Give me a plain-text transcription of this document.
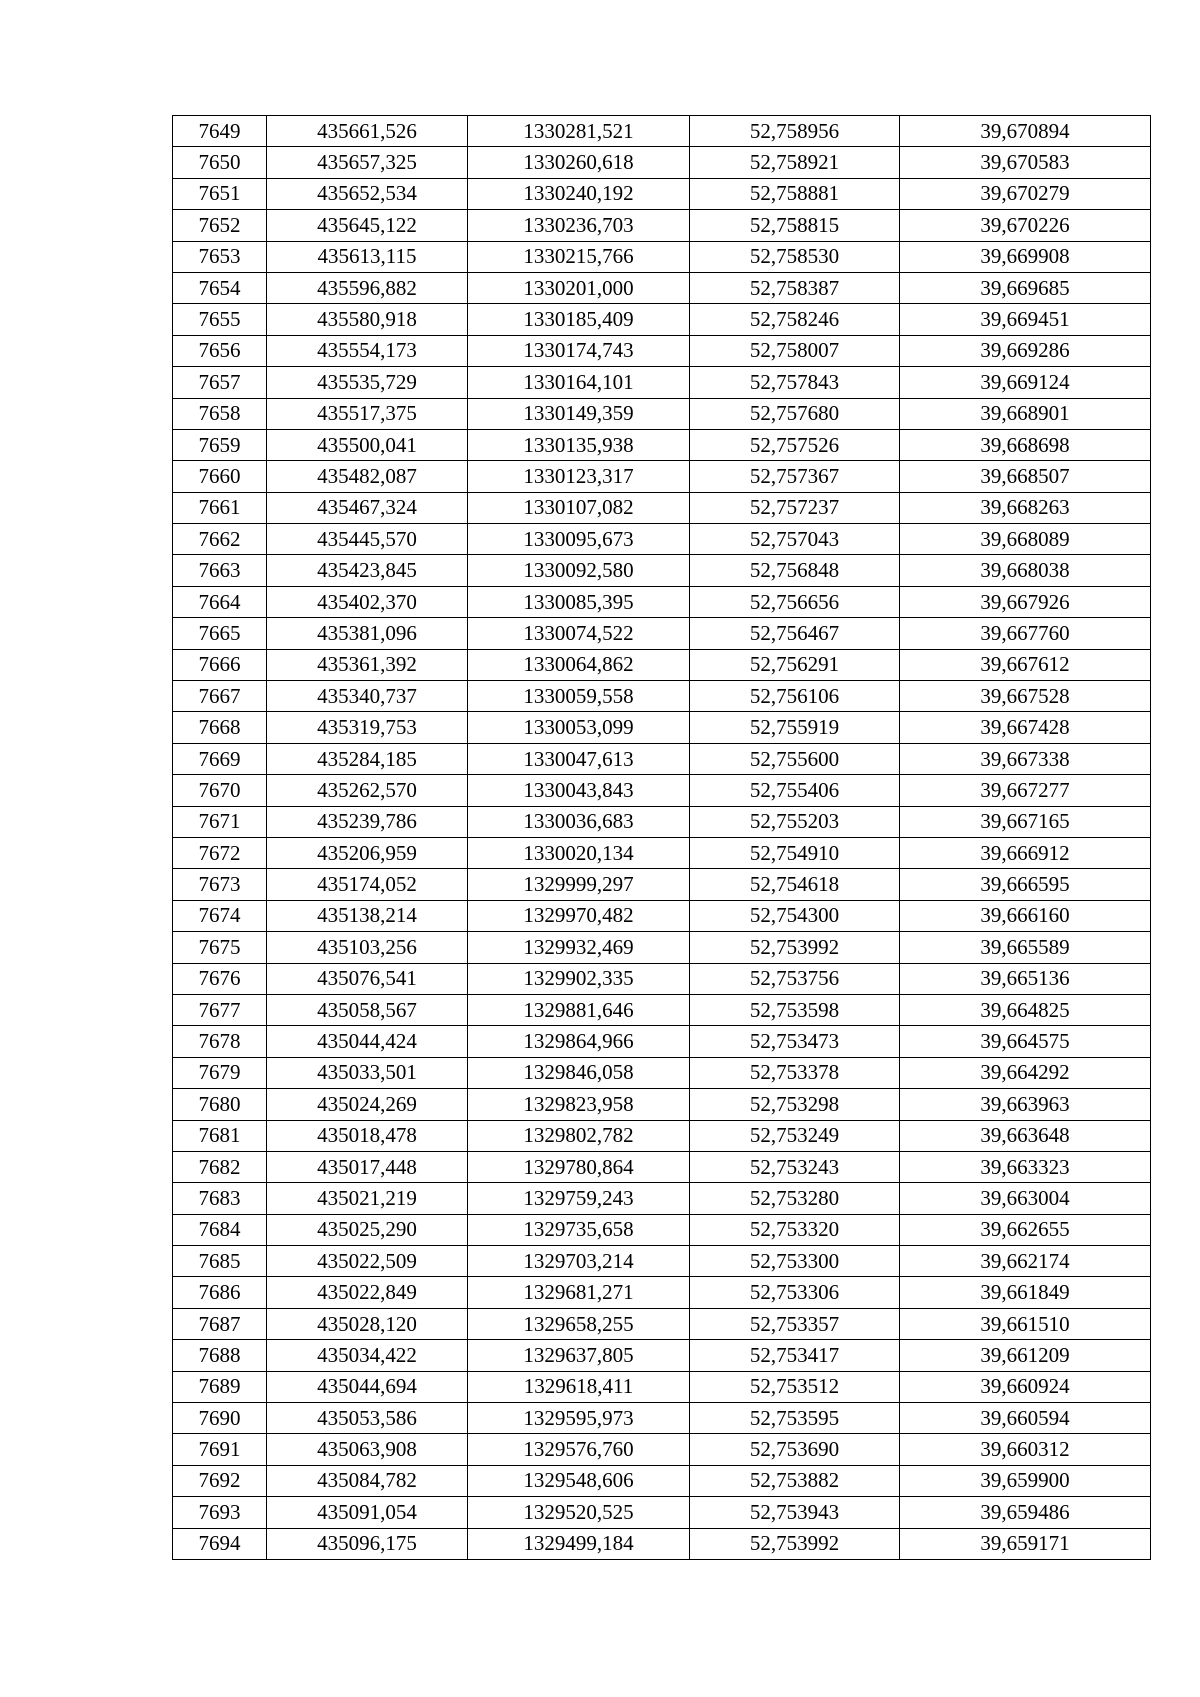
7649	435661,526	1330281,521	52,758956	39,670894
7650	435657,325	1330260,618	52,758921	39,670583
7651	435652,534	1330240,192	52,758881	39,670279
7652	435645,122	1330236,703	52,758815	39,670226
7653	435613,115	1330215,766	52,758530	39,669908
7654	435596,882	1330201,000	52,758387	39,669685
7655	435580,918	1330185,409	52,758246	39,669451
7656	435554,173	1330174,743	52,758007	39,669286
7657	435535,729	1330164,101	52,757843	39,669124
7658	435517,375	1330149,359	52,757680	39,668901
7659	435500,041	1330135,938	52,757526	39,668698
7660	435482,087	1330123,317	52,757367	39,668507
7661	435467,324	1330107,082	52,757237	39,668263
7662	435445,570	1330095,673	52,757043	39,668089
7663	435423,845	1330092,580	52,756848	39,668038
7664	435402,370	1330085,395	52,756656	39,667926
7665	435381,096	1330074,522	52,756467	39,667760
7666	435361,392	1330064,862	52,756291	39,667612
7667	435340,737	1330059,558	52,756106	39,667528
7668	435319,753	1330053,099	52,755919	39,667428
7669	435284,185	1330047,613	52,755600	39,667338
7670	435262,570	1330043,843	52,755406	39,667277
7671	435239,786	1330036,683	52,755203	39,667165
7672	435206,959	1330020,134	52,754910	39,666912
7673	435174,052	1329999,297	52,754618	39,666595
7674	435138,214	1329970,482	52,754300	39,666160
7675	435103,256	1329932,469	52,753992	39,665589
7676	435076,541	1329902,335	52,753756	39,665136
7677	435058,567	1329881,646	52,753598	39,664825
7678	435044,424	1329864,966	52,753473	39,664575
7679	435033,501	1329846,058	52,753378	39,664292
7680	435024,269	1329823,958	52,753298	39,663963
7681	435018,478	1329802,782	52,753249	39,663648
7682	435017,448	1329780,864	52,753243	39,663323
7683	435021,219	1329759,243	52,753280	39,663004
7684	435025,290	1329735,658	52,753320	39,662655
7685	435022,509	1329703,214	52,753300	39,662174
7686	435022,849	1329681,271	52,753306	39,661849
7687	435028,120	1329658,255	52,753357	39,661510
7688	435034,422	1329637,805	52,753417	39,661209
7689	435044,694	1329618,411	52,753512	39,660924
7690	435053,586	1329595,973	52,753595	39,660594
7691	435063,908	1329576,760	52,753690	39,660312
7692	435084,782	1329548,606	52,753882	39,659900
7693	435091,054	1329520,525	52,753943	39,659486
7694	435096,175	1329499,184	52,753992	39,659171
